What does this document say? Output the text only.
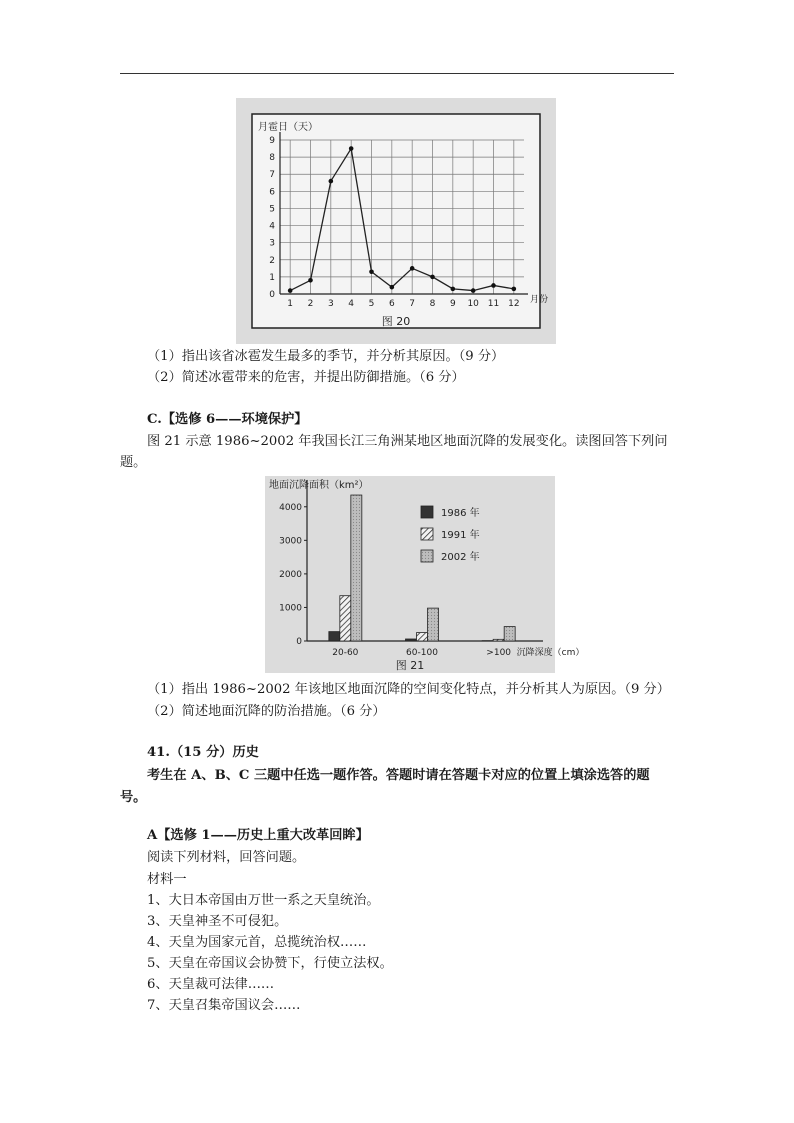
0
1
2
3
4
5
6
7
8
9
1 2 3 4 5 6 7 8 9 10 11 12 月份
月雹日（天）
图 20
（1）指出该省冰雹发生最多的季节，并分析其原因。（9 分）
（2）简述冰雹带来的危害，并提出防御措施。（6 分）
C.【选修 6——环境保护】
图 21 示意 1986~2002 年我国长江三角洲某地区地面沉降的发展变化。读图回答下列问
题。
0
1000
2000
3000
4000
地面沉降面积（km²）
20-60	60-100	>100 沉降深度（cm）
图 21
1986 年
1991 年
2002 年
（1）指出 1986~2002 年该地区地面沉降的空间变化特点，并分析其人为原因。（9 分）
（2）简述地面沉降的防治措施。（6 分）
41.（15 分）历史
考生在 A、B、C 三题中任选一题作答。答题时请在答题卡对应的位置上填涂选答的题
号。
A【选修 1——历史上重大改革回眸】
阅读下列材料，回答问题。
材料一
1、大日本帝国由万世一系之天皇统治。
3、天皇神圣不可侵犯。
4、天皇为国家元首，总揽统治权……
5、天皇在帝国议会协赞下，行使立法权。
6、天皇裁可法律……
7、天皇召集帝国议会……
